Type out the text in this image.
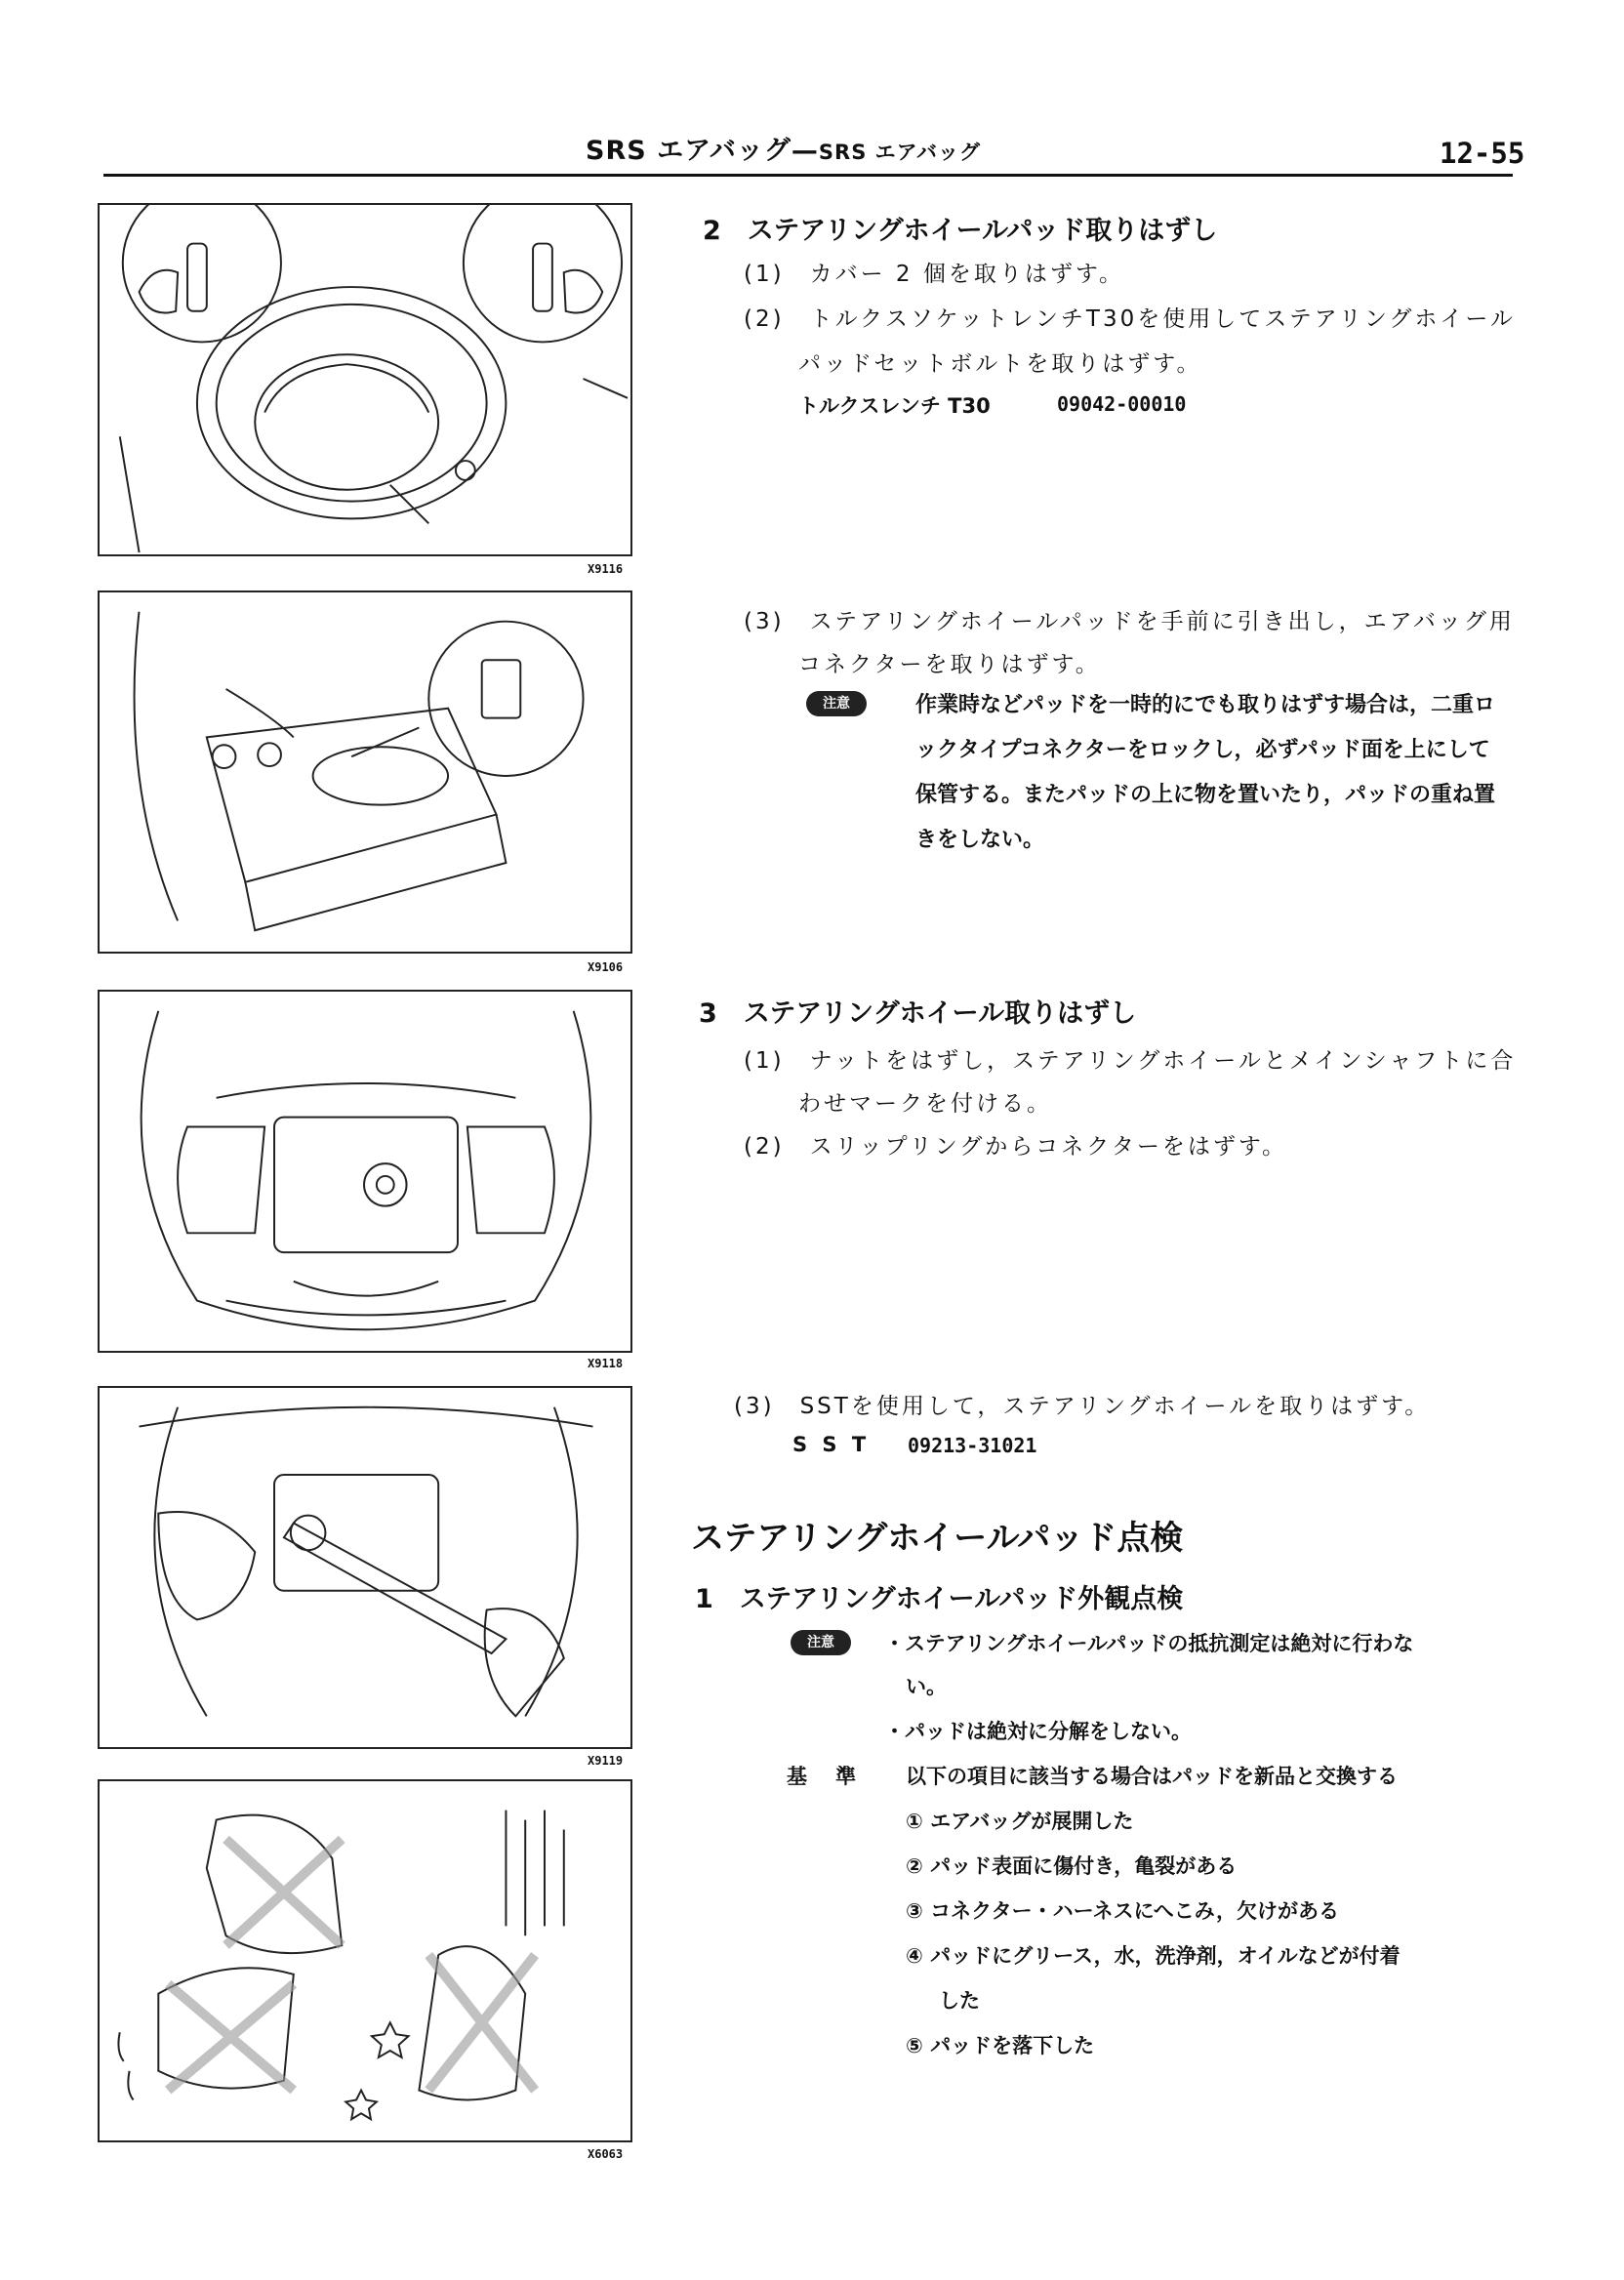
SRS エアバッグ—SRS エアバッグ	12-55
X9116
X9106
X9118
X9119
X6063
2　ステアリングホイールパッド取りはずし
(1)　カバー 2 個を取りはずす。
(2)　トルクスソケットレンチT30を使用してステアリングホイール
パッドセットボルトを取りはずす。
トルクスレンチ T30	09042-00010
(3)　ステアリングホイールパッドを手前に引き出し，エアバッグ用
コネクターを取りはずす。
注意	作業時などパッドを一時的にでも取りはずす場合は，二重ロックタイプコネクターをロックし，必ずパッド面を上にして保管する。またパッドの上に物を置いたり，パッドの重ね置きをしない。
3　ステアリングホイール取りはずし
(1)　ナットをはずし，ステアリングホイールとメインシャフトに合
わせマークを付ける。
(2)　スリップリングからコネクターをはずす。
(3)　SSTを使用して，ステアリングホイールを取りはずす。
S S T 09213-31021
ステアリングホイールパッド点検
1　ステアリングホイールパッド外観点検
注意	・ステアリングホイールパッドの抵抗測定は絶対に行わな
い。
・パッドは絶対に分解をしない。
基　準 以下の項目に該当する場合はパッドを新品と交換する
① エアバッグが展開した
② パッド表面に傷付き，亀裂がある
③ コネクター・ハーネスにへこみ，欠けがある
④ パッドにグリース，水，洗浄剤，オイルなどが付着
した
⑤ パッドを落下した
